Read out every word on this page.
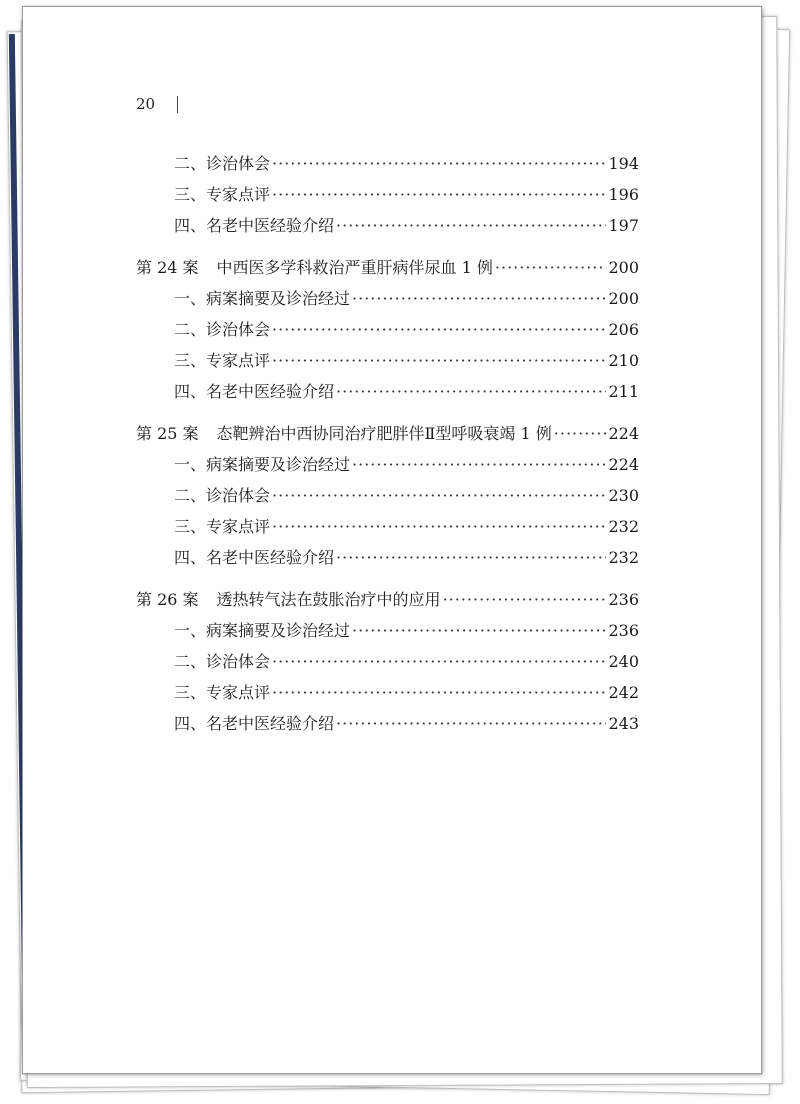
20
二、诊治体会 ·····	194
三、专家点评 ·····	196
四、名老中医经验介绍 ·····	197
第 24 案 中西医多学科救治严重肝病伴尿血 1 例 ·····	200
一、病案摘要及诊治经过 ·····	200
二、诊治体会 ·····	206
三、专家点评 ·····	210
四、名老中医经验介绍 ·····	211
第 25 案 态靶辨治中西协同治疗肥胖伴Ⅱ型呼吸衰竭 1 例 ·····	224
一、病案摘要及诊治经过 ·····	224
二、诊治体会 ·····	230
三、专家点评 ·····	232
四、名老中医经验介绍 ·····	232
第 26 案 透热转气法在鼓胀治疗中的应用 ·····	236
一、病案摘要及诊治经过 ·····	236
二、诊治体会 ·····	240
三、专家点评 ·····	242
四、名老中医经验介绍 ·····	243
